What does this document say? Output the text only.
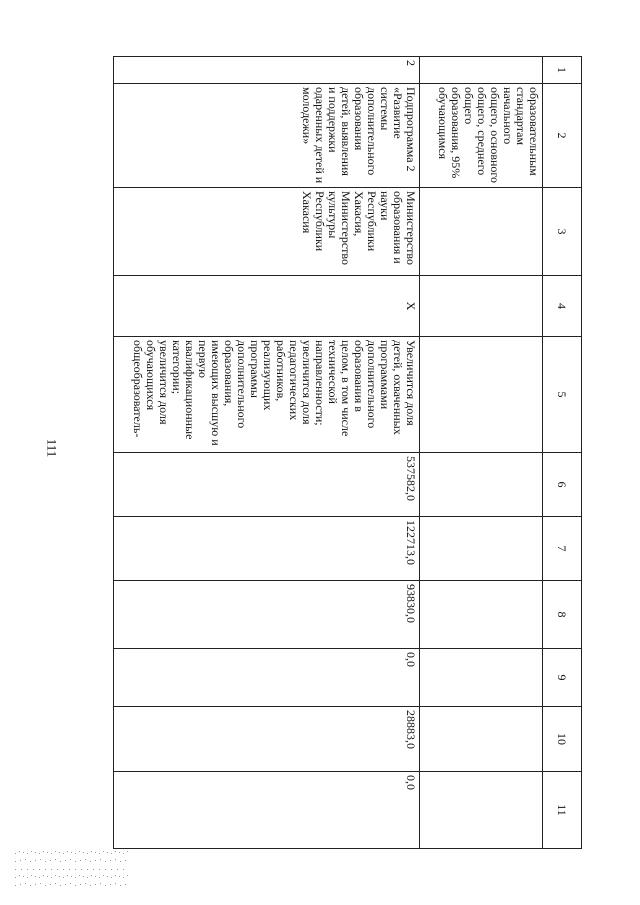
111
1	2	3	4	5	6	7	8	9	10	11
	образовательным стандартам начального общего, основного общего, среднего общего образования, 95% обучающимся									
2	Подпрограмма 2 «Развитие системы дополнительного образования детей, выявления и поддержки одаренных детей и молодежи»	Министерство образования и науки Республики Хакасия, Министерство культуры Республики Хакасия	Х	Увеличится доля детей, охваченных программами дополнительного образования в целом, в том числе технической направленности; увеличится доля педагогических работников, реализующих программы дополнительного образования, имеющих высшую и первую квалификационные категории; увеличится доля обучающихся общеобразователь-	537582,0	122713,0	93830,0	0,0	28883,0	0,0
